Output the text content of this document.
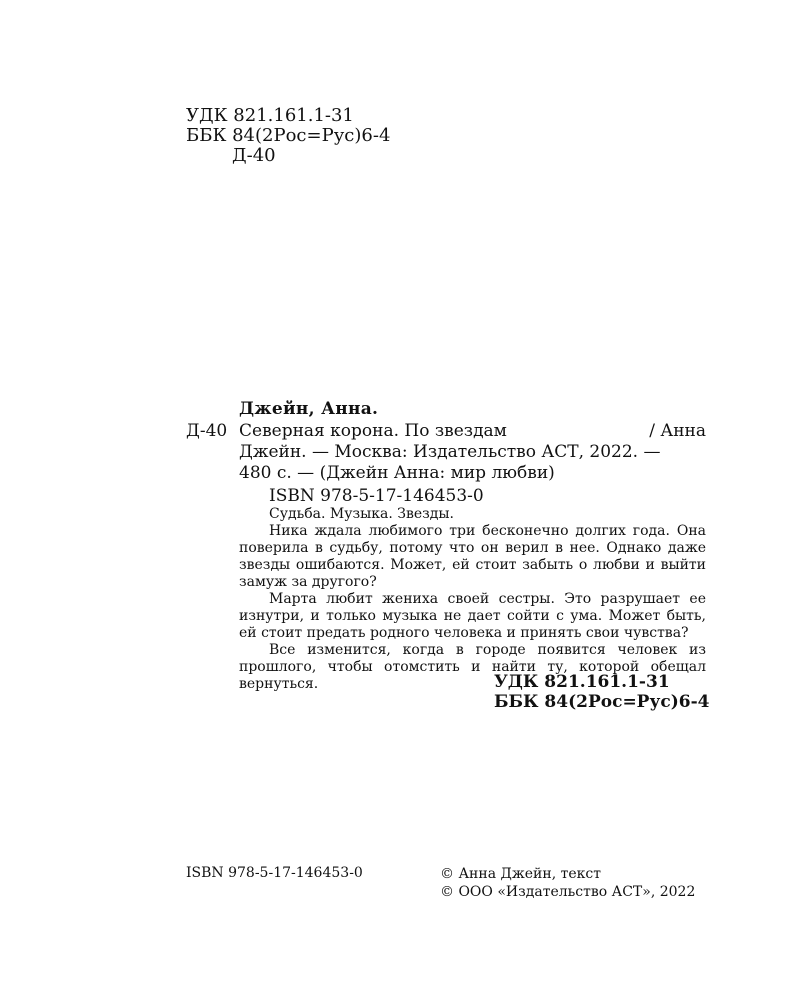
УДК 821.161.1-31
ББК 84(2Рос=Рус)6-4
Д-40
Джейн, Анна.
Д-40 Северная корона. По звездам	/ Анна
Джейн. — Москва: Издательство АСТ, 2022. —
480 с. — (Джейн Анна: мир любви)
ISBN 978-5-17-146453-0

Судьба. Музыка. Звезды.

Ника ждала любимого три бесконечно долгих года. Она поверила в судьбу, потому что он верил в нее. Однако даже звезды ошибаются. Может, ей стоит забыть о любви и выйти замуж за другого?

Марта любит жениха своей сестры. Это разрушает ее изнутри, и только музыка не дает сойти с ума. Может быть, ей стоит предать родного человека и принять свои чувства?

Все изменится, когда в городе появится человек из прошлого, чтобы отомстить и найти ту, которой обещал вернуться.	УДК 821.161.1-31
ББК 84(2Рос=Рус)6-4
ISBN 978-5-17-146453-0	© Анна Джейн, текст
© ООО «Издательство АСТ», 2022
